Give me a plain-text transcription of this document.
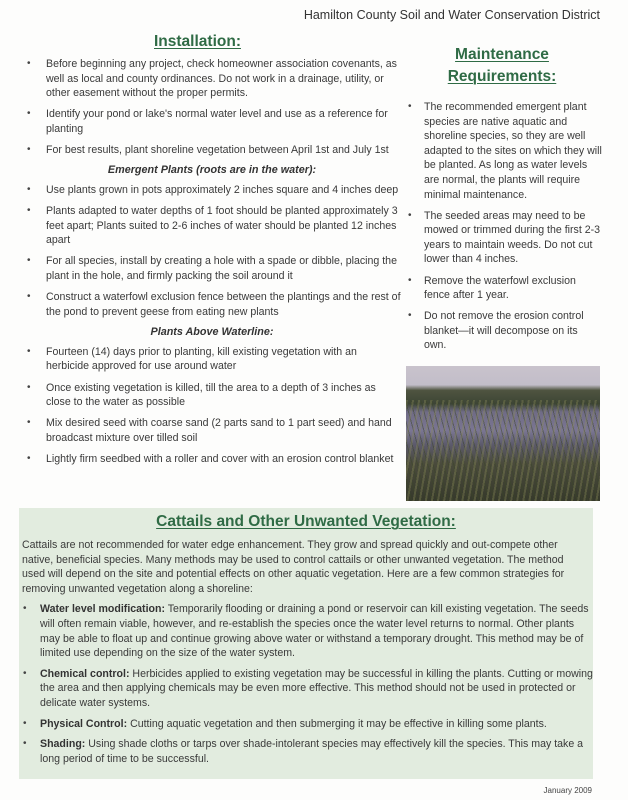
Hamilton County Soil and Water Conservation District
Installation:
• Before beginning any project, check homeowner association covenants, as well as local and county ordinances. Do not work in a drainage, utility, or other easement without the proper permits.
• Identify your pond or lake's normal water level and use as a reference for planting
• For best results, plant shoreline vegetation between April 1st and July 1st
Emergent Plants (roots are in the water):
• Use plants grown in pots approximately 2 inches square and 4 inches deep
• Plants adapted to water depths of 1 foot should be planted approximately 3 feet apart; Plants suited to 2-6 inches of water should be planted 12 inches apart
• For all species, install by creating a hole with a spade or dibble, placing the plant in the hole, and firmly packing the soil around it
• Construct a waterfowl exclusion fence between the plantings and the rest of the pond to prevent geese from eating new plants
Plants Above Waterline:
• Fourteen (14) days prior to planting, kill existing vegetation with an herbicide approved for use around water
• Once existing vegetation is killed, till the area to a depth of 3 inches as close to the water as possible
• Mix desired seed with coarse sand (2 parts sand to 1 part seed) and hand broadcast mixture over tilled soil
• Lightly firm seedbed with a roller and cover with an erosion control blanket
Maintenance
Requirements:
• The recommended emergent plant species are native aquatic and shoreline species, so they are well adapted to the sites on which they will be planted. As long as water levels are normal, the plants will require minimal maintenance.
• The seeded areas may need to be mowed or trimmed during the first 2-3 years to maintain weeds. Do not cut lower than 4 inches.
• Remove the waterfowl exclusion fence after 1 year.
• Do not remove the erosion control blanket—it will decompose on its own.
Cattails and Other Unwanted Vegetation:
Cattails are not recommended for water edge enhancement. They grow and spread quickly and out-compete other native, beneficial species. Many methods may be used to control cattails or other unwanted vegetation. The method used will depend on the site and potential effects on other aquatic vegetation. Here are a few common strategies for removing unwanted vegetation along a shoreline:
• Water level modification: Temporarily flooding or draining a pond or reservoir can kill existing vegetation. The seeds will often remain viable, however, and re-establish the species once the water level returns to normal. Other plants may be able to float up and continue growing above water or withstand a temporary drought. This method may be of limited use depending on the size of the water system.
• Chemical control: Herbicides applied to existing vegetation may be successful in killing the plants. Cutting or mowing the area and then applying chemicals may be even more effective. This method should not be used in protected or delicate water systems.
• Physical Control: Cutting aquatic vegetation and then submerging it may be effective in killing some plants.
• Shading: Using shade cloths or tarps over shade-intolerant species may effectively kill the species. This may take a long period of time to be successful.
January 2009
